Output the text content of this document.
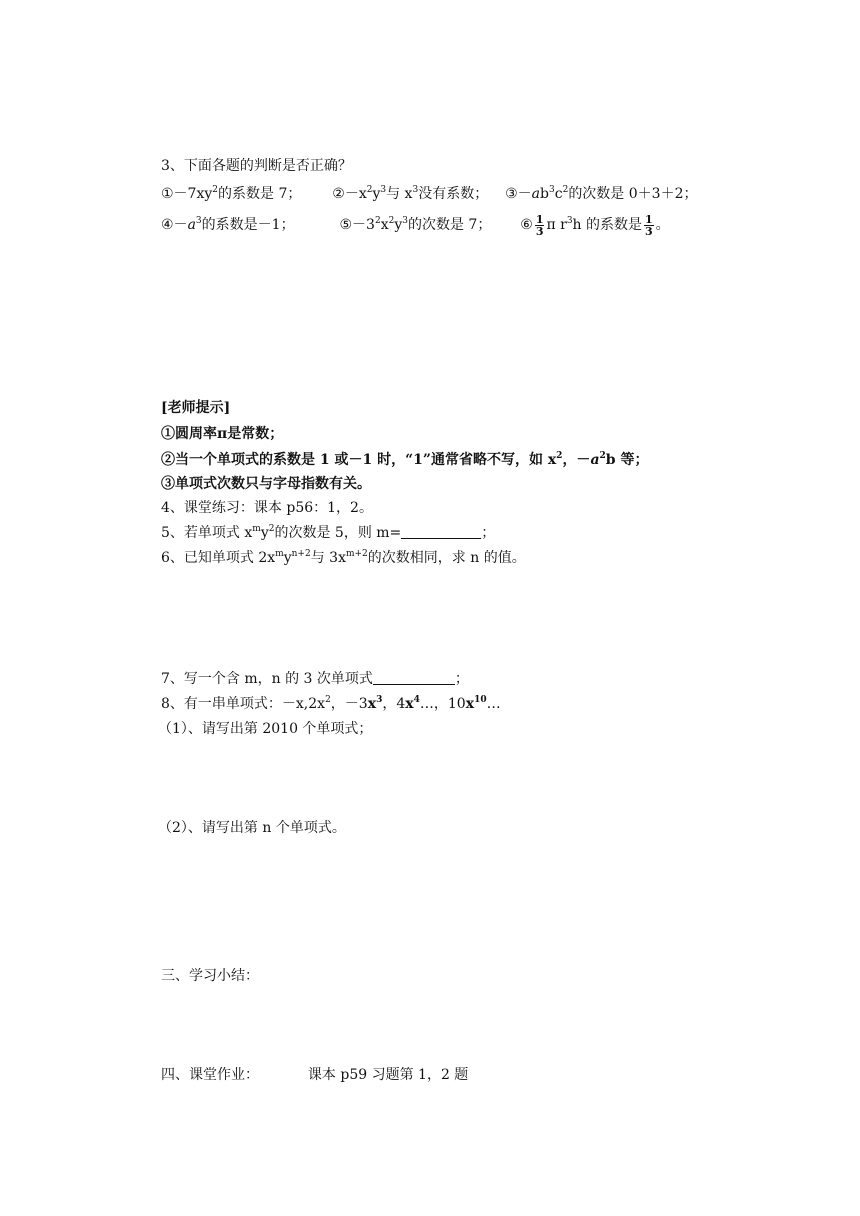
3、下面各题的判断是否正确？
$①-7xy^2$的系数是 7； $②-x^2y^3$与 $x^3$没有系数； $③-ab^3c^2$的次数是 0＋3＋2；
$④-a^3$的系数是－1；	$⑤-3^2x^2y^3$的次数是 7； ⑥ $\frac{1}{3}$ π $r^3h$ 的系数是 $\frac{1}{3}$ 。
[老师提示]
①圆周率π是常数；
②当一个单项式的系数是 1 或－1 时，“1”通常省略不写，如 $x^2$，$-a^2b$ 等；
③单项式次数只与字母指数有关。
4、课堂练习：课本 p56：1，2。
5、若单项式 $x^my^2$的次数是 5，则 m=	；
6、已知单项式 $2x^my^{n+2}$与 $3x^{m+2}$的次数相同，求 n 的值。
7、写一个含 m，n 的 3 次单项式	；
8、有一串单项式：$-x,2x^2$，$-3x^3$，$4x^4\dots$，$10x^{10}\dots$
（1）、请写出第 2010 个单项式；
（2）、请写出第 n 个单项式。
三、学习小结：
四、课堂作业：	课本 p59 习题第 1，2 题
